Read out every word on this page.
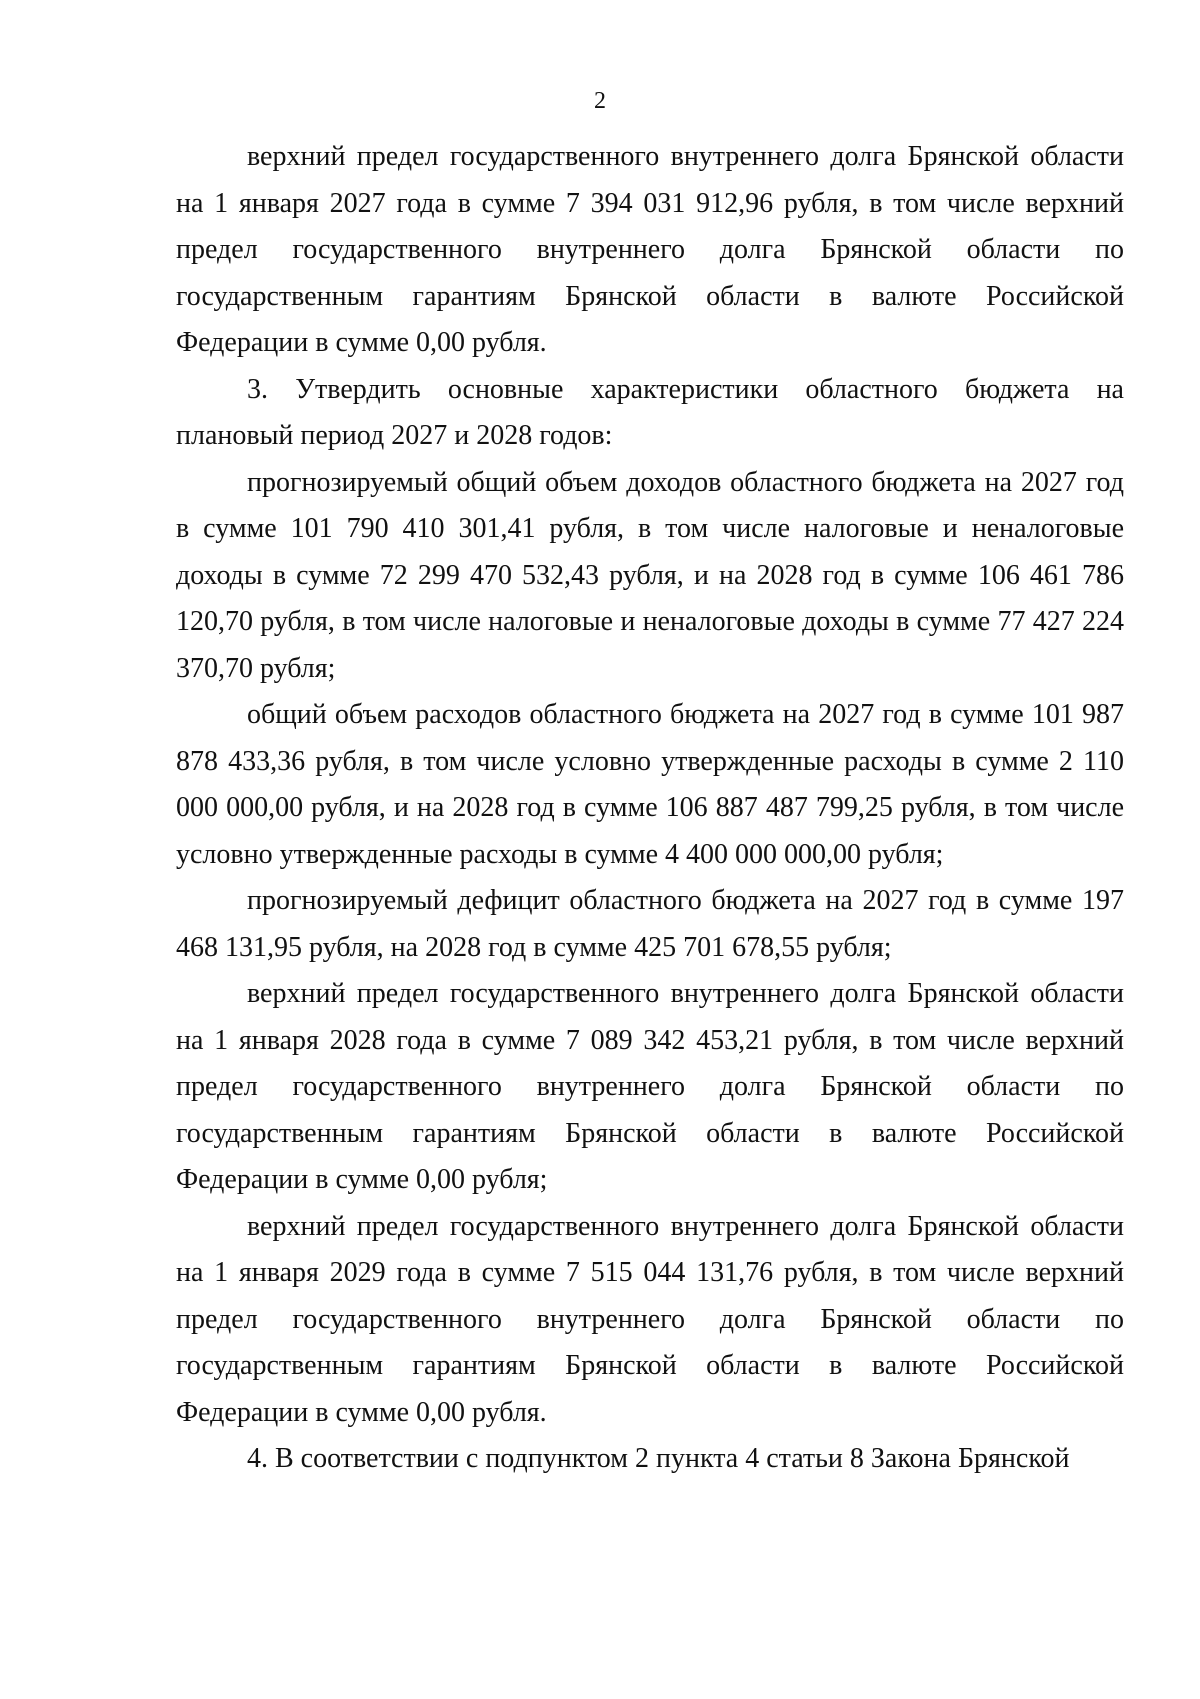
2

верхний предел государственного внутреннего долга Брянской области на 1 января 2027 года в сумме 7 394 031 912,96 рубля, в том числе верхний предел государственного внутреннего долга Брянской области по государственным гарантиям Брянской области в валюте Российской Федерации в сумме 0,00 рубля.

3. Утвердить основные характеристики областного бюджета на плановый период 2027 и 2028 годов:

прогнозируемый общий объем доходов областного бюджета на 2027 год в сумме 101 790 410 301,41 рубля, в том числе налоговые и неналоговые доходы в сумме 72 299 470 532,43 рубля, и на 2028 год в сумме 106 461 786 120,70 рубля, в том числе налоговые и неналоговые доходы в сумме 77 427 224 370,70 рубля;

общий объем расходов областного бюджета на 2027 год в сумме 101 987 878 433,36 рубля, в том числе условно утвержденные расходы в сумме 2 110 000 000,00 рубля, и на 2028 год в сумме 106 887 487 799,25 рубля, в том числе условно утвержденные расходы в сумме 4 400 000 000,00 рубля;

прогнозируемый дефицит областного бюджета на 2027 год в сумме 197 468 131,95 рубля, на 2028 год в сумме 425 701 678,55 рубля;

верхний предел государственного внутреннего долга Брянской области на 1 января 2028 года в сумме 7 089 342 453,21 рубля, в том числе верхний предел государственного внутреннего долга Брянской области по государственным гарантиям Брянской области в валюте Российской Федерации в сумме 0,00 рубля;

верхний предел государственного внутреннего долга Брянской области на 1 января 2029 года в сумме 7 515 044 131,76 рубля, в том числе верхний предел государственного внутреннего долга Брянской области по государственным гарантиям Брянской области в валюте Российской Федерации в сумме 0,00 рубля.

4. В соответствии с подпунктом 2 пункта 4 статьи 8 Закона Брянской
